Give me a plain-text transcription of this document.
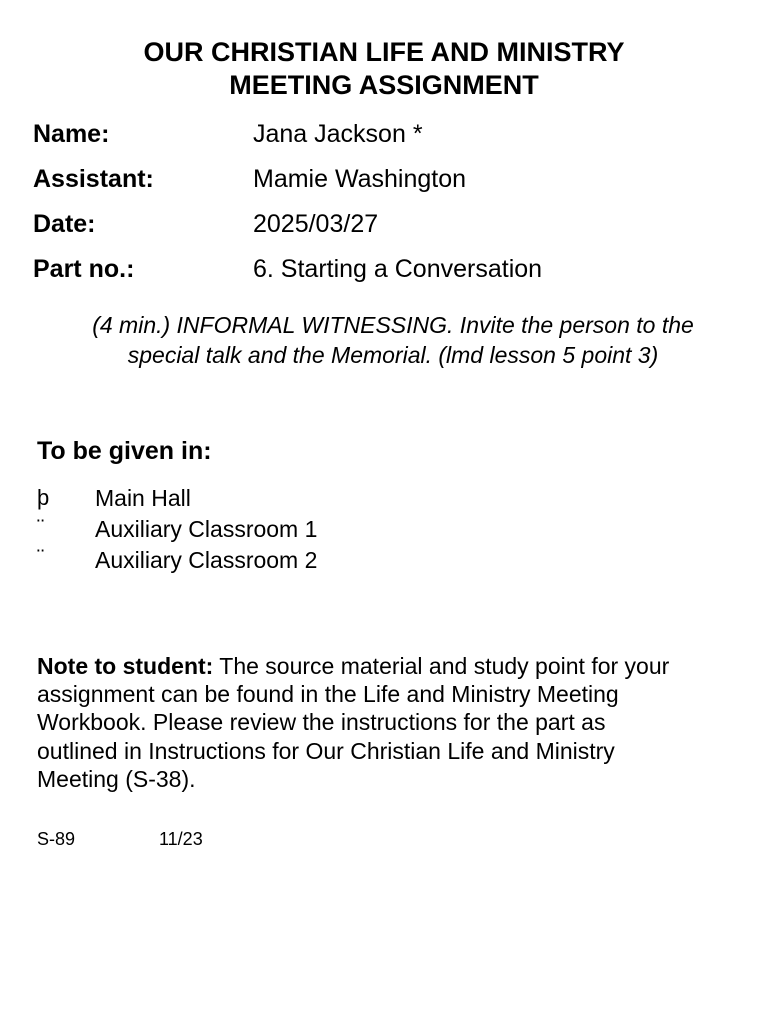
OUR CHRISTIAN LIFE AND MINISTRY
MEETING ASSIGNMENT
Name:	Jana Jackson *
Assistant:	Mamie Washington
Date:	2025/03/27
Part no.:	6. Starting a Conversation
(4 min.) INFORMAL WITNESSING. Invite the person to the
special talk and the Memorial. (lmd lesson 5 point 3)
To be given in:
þ	Main Hall
¨	Auxiliary Classroom 1
¨	Auxiliary Classroom 2
Note to student: The source material and study point for your assignment can be found in the Life and Ministry Meeting Workbook. Please review the instructions for the part as outlined in Instructions for Our Christian Life and Ministry Meeting (S-38).
S-89	11/23
